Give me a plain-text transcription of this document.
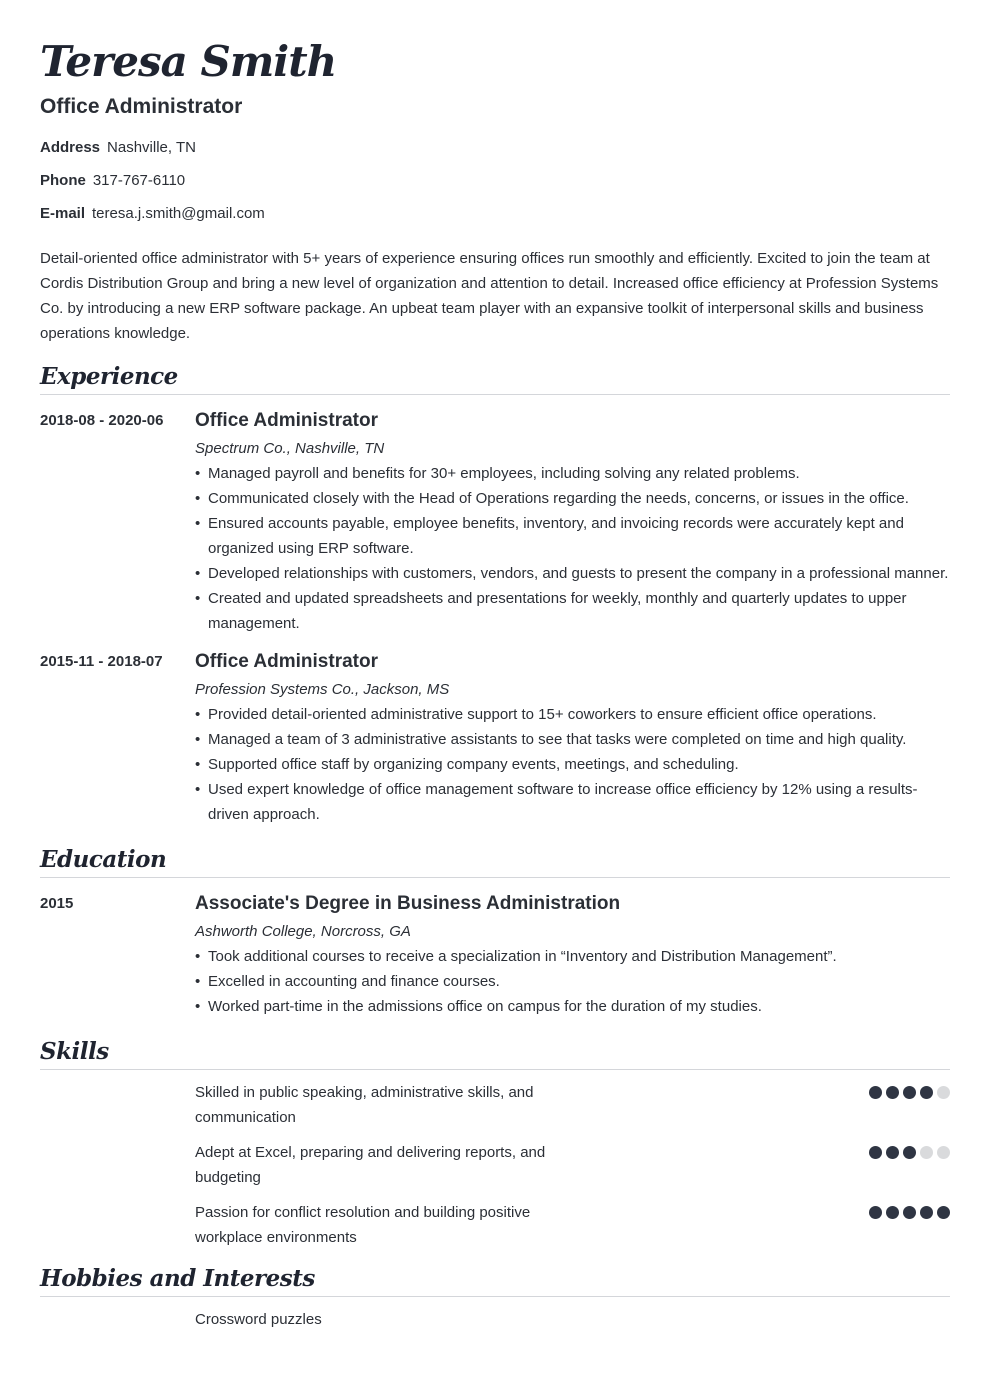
Teresa Smith
Office Administrator
Address Nashville, TN
Phone 317-767-6110
E-mail teresa.j.smith@gmail.com
Detail-oriented office administrator with 5+ years of experience ensuring offices run smoothly and efficiently. Excited to join the team at Cordis Distribution Group and bring a new level of organization and attention to detail. Increased office efficiency at Profession Systems Co. by introducing a new ERP software package. An upbeat team player with an expansive toolkit of interpersonal skills and business operations knowledge.
Experience
2018-08 - 2020-06	Office Administrator
Spectrum Co., Nashville, TN
• Managed payroll and benefits for 30+ employees, including solving any related problems.
• Communicated closely with the Head of Operations regarding the needs, concerns, or issues in the office.
• Ensured accounts payable, employee benefits, inventory, and invoicing records were accurately kept and organized using ERP software.
• Developed relationships with customers, vendors, and guests to present the company in a professional manner.
• Created and updated spreadsheets and presentations for weekly, monthly and quarterly updates to upper management.
2015-11 - 2018-07	Office Administrator
Profession Systems Co., Jackson, MS
• Provided detail-oriented administrative support to 15+ coworkers to ensure efficient office operations.
• Managed a team of 3 administrative assistants to see that tasks were completed on time and high quality.
• Supported office staff by organizing company events, meetings, and scheduling.
• Used expert knowledge of office management software to increase office efficiency by 12% using a results-driven approach.
Education
2015	Associate's Degree in Business Administration
Ashworth College, Norcross, GA
• Took additional courses to receive a specialization in “Inventory and Distribution Management”.
• Excelled in accounting and finance courses.
• Worked part-time in the admissions office on campus for the duration of my studies.
Skills
Skilled in public speaking, administrative skills, and communication
Adept at Excel, preparing and delivering reports, and budgeting
Passion for conflict resolution and building positive workplace environments
Hobbies and Interests
Crossword puzzles
